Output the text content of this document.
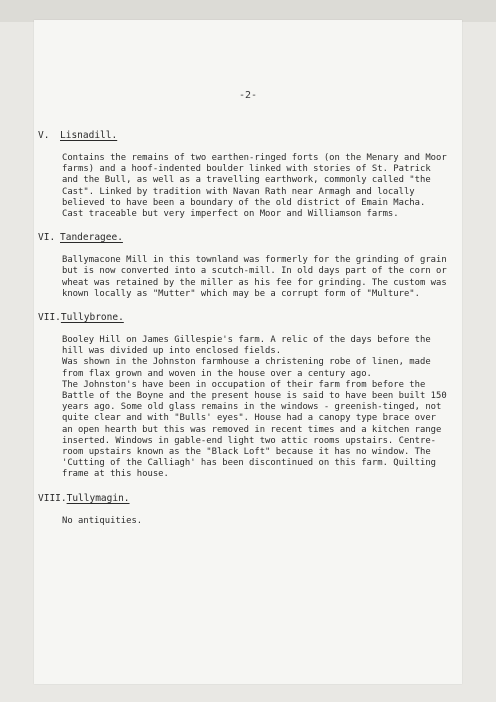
-2-
V. Lisnadill.

Contains the remains of two earthen-ringed forts (on the Menary and Moor farms) and a hoof-indented boulder linked with stories of St. Patrick and the Bull, as well as a travelling earthwork, commonly called "the Cast". Linked by tradition with Navan Rath near Armagh and locally believed to have been a boundary of the old district of Emain Macha.

Cast traceable but very imperfect on Moor and Williamson farms.

VI. Tanderagee.

Ballymacone Mill in this townland was formerly for the grinding of grain but is now converted into a scutch-mill. In old days part of the corn or wheat was retained by the miller as his fee for grinding. The custom was known locally as "Mutter" which may be a corrupt form of "Multure".

VII.Tullybrone.

Booley Hill on James Gillespie's farm. A relic of the days before the hill was divided up into enclosed fields.

Was shown in the Johnston farmhouse a christening robe of linen, made from flax grown and woven in the house over a century ago.

The Johnston's have been in occupation of their farm from before the Battle of the Boyne and the present house is said to have been built 150 years ago. Some old glass remains in the windows - greenish-tinged, not quite clear and with "Bulls' eyes". House had a canopy type brace over an open hearth but this was removed in recent times and a kitchen range inserted. Windows in gable-end light two attic rooms upstairs. Centre-room upstairs known as the "Black Loft" because it has no window. The 'Cutting of the Calliagh' has been discontinued on this farm. Quilting frame at this house.

VIII.Tullymagin.

No antiquities.
